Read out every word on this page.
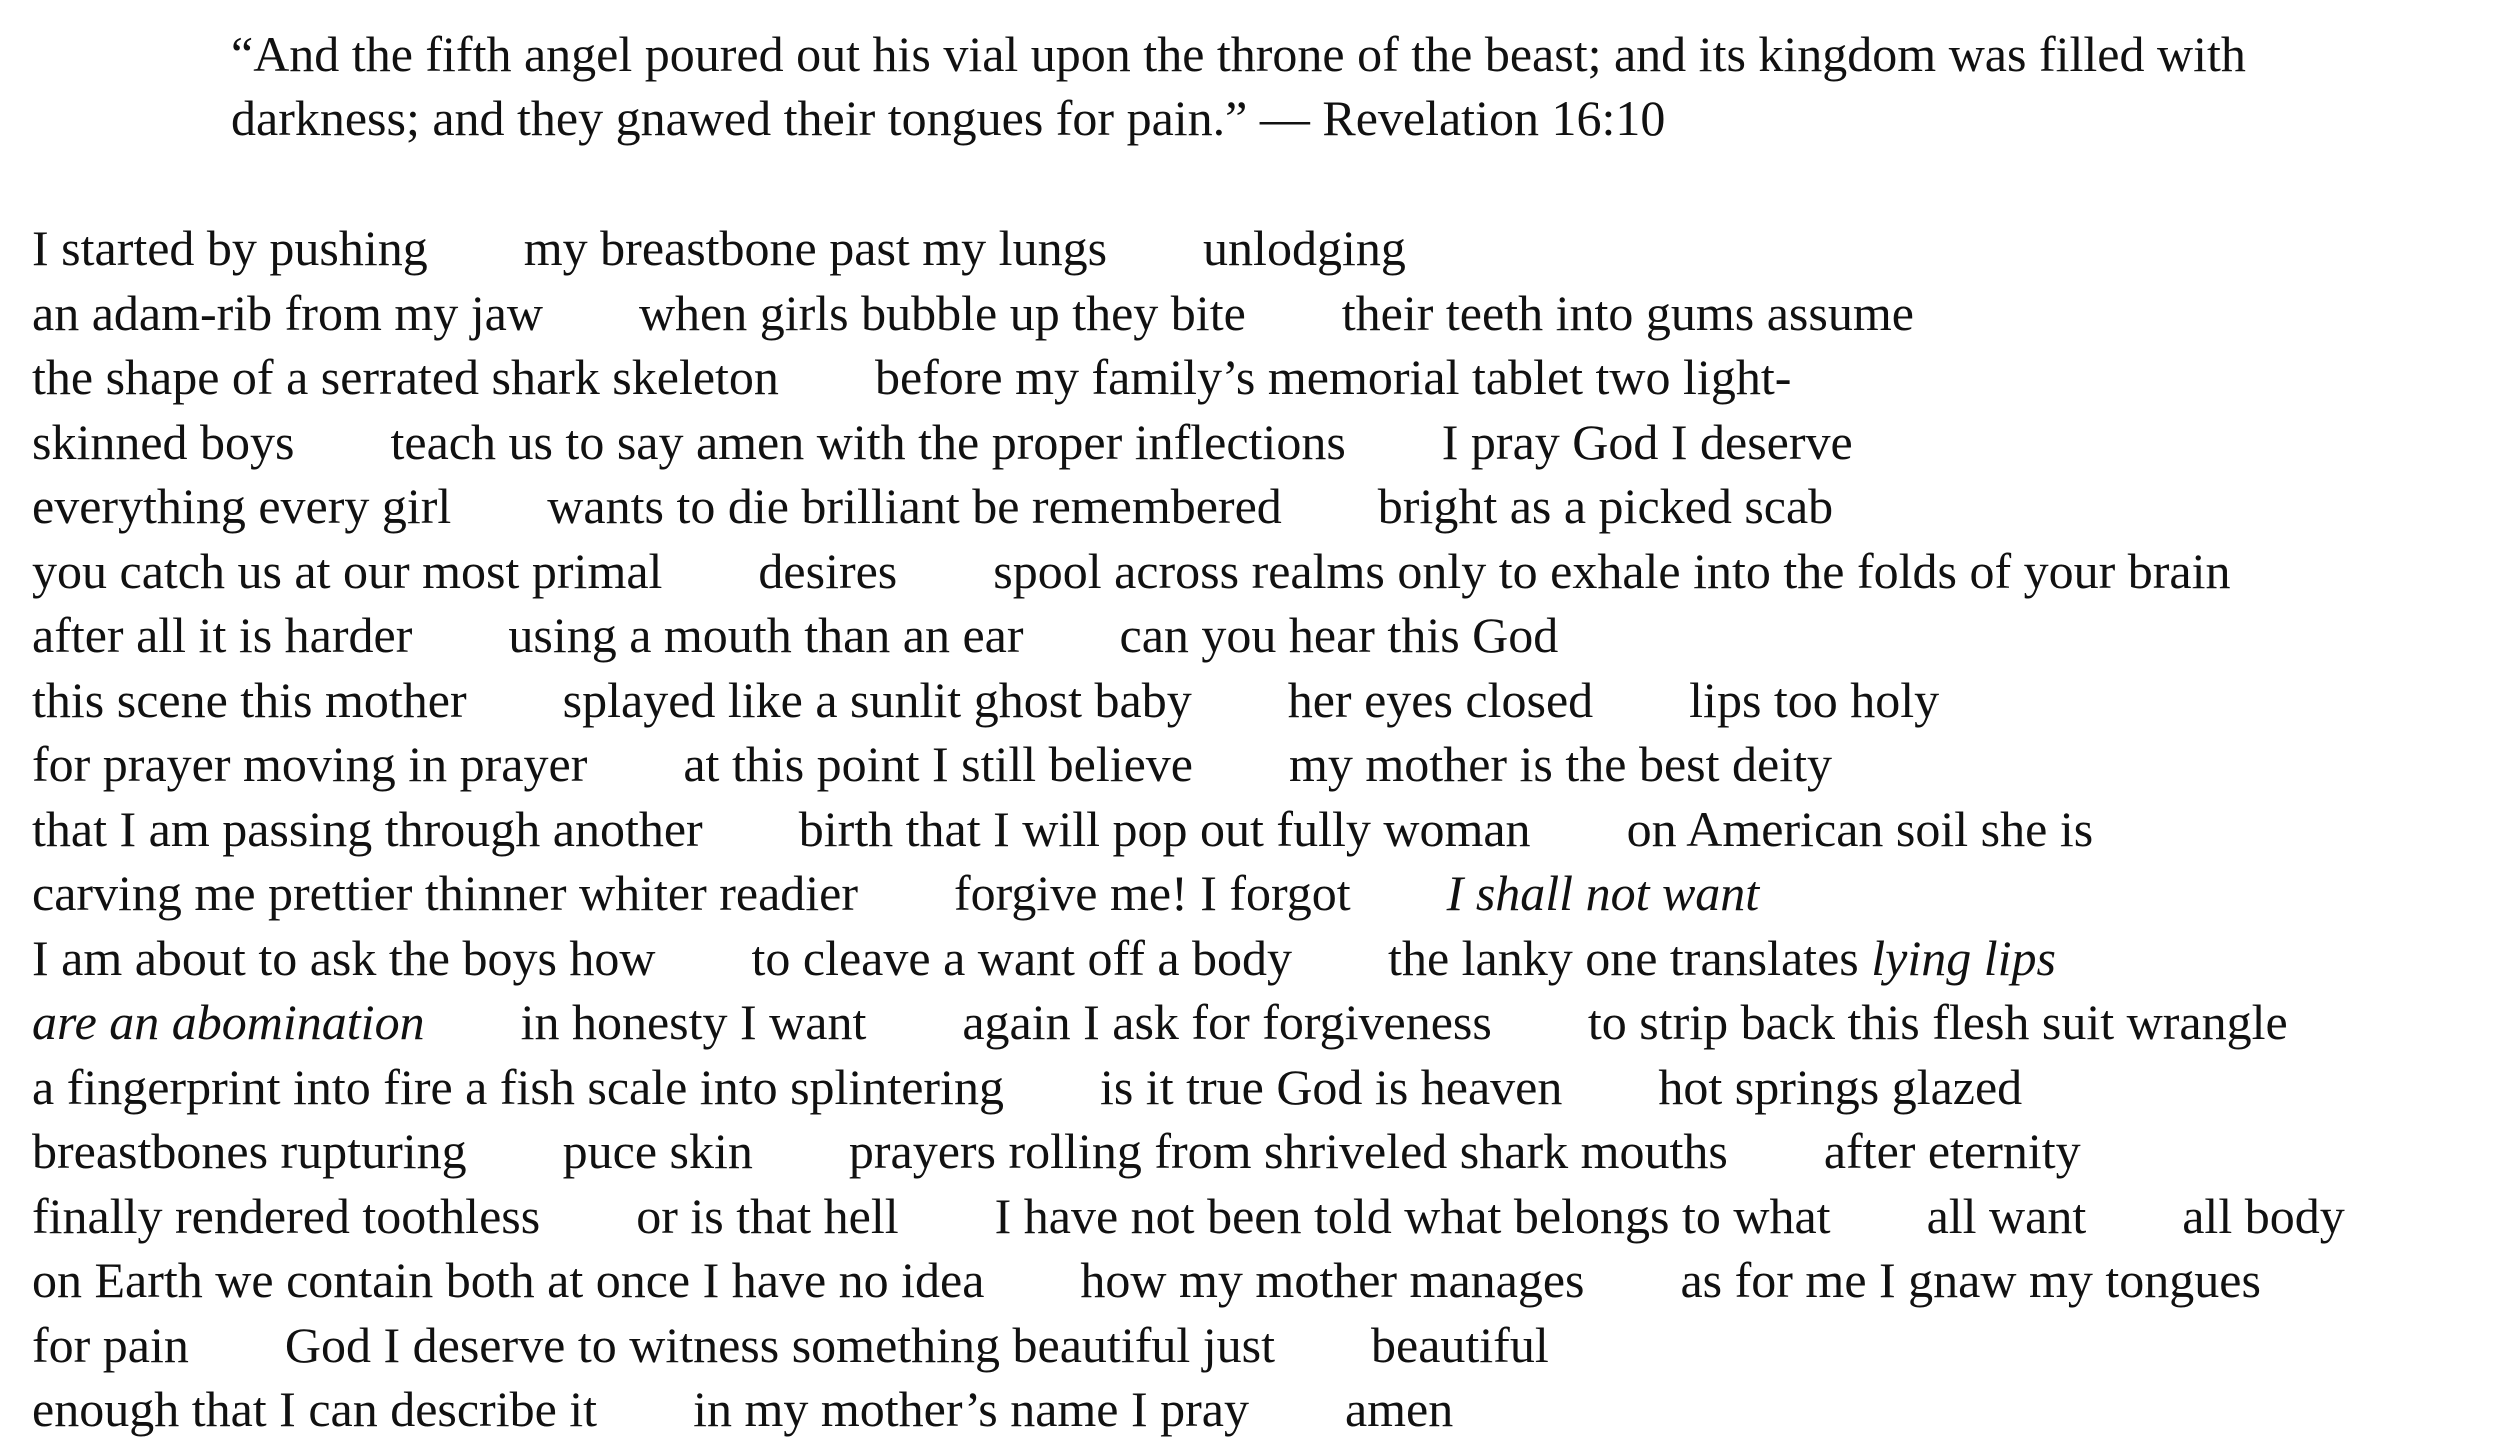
“And the fifth angel poured out his vial upon the throne of the beast; and its kingdom was filled with
darkness; and they gnawed their tongues for pain.” — Revelation 16:10
I started by pushing my breastbone past my lungs unlodging
an adam-rib from my jaw when girls bubble up they bite their teeth into gums assume
the shape of a serrated shark skeleton before my family’s memorial tablet two light-
skinned boys teach us to say amen with the proper inflections I pray God I deserve
everything every girl wants to die brilliant be remembered bright as a picked scab
you catch us at our most primal desires spool across realms only to exhale into the folds of your brain
after all it is harder using a mouth than an ear can you hear this God
this scene this mother splayed like a sunlit ghost baby her eyes closed lips too holy
for prayer moving in prayer at this point I still believe my mother is the best deity
that I am passing through another birth that I will pop out fully woman on American soil she is
carving me prettier thinner whiter readier forgive me! I forgot I shall not want
I am about to ask the boys how to cleave a want off a body the lanky one translates lying lips
are an abomination in honesty I want again I ask for forgiveness to strip back this flesh suit wrangle
a fingerprint into fire a fish scale into splintering is it true God is heaven hot springs glazed
breastbones rupturing puce skin prayers rolling from shriveled shark mouths after eternity
finally rendered toothless or is that hell I have not been told what belongs to what all want all body
on Earth we contain both at once I have no idea how my mother manages as for me I gnaw my tongues
for pain God I deserve to witness something beautiful just beautiful
enough that I can describe it in my mother’s name I pray amen
